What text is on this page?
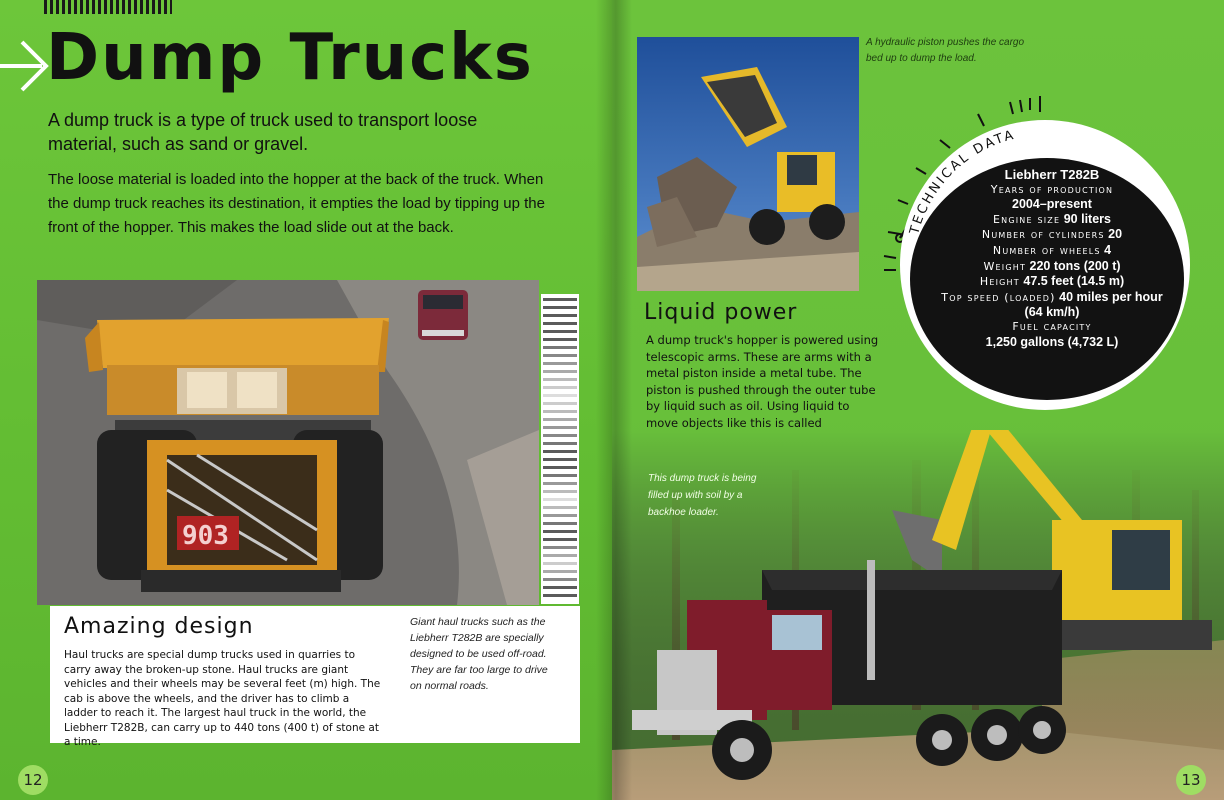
Dump Trucks

A dump truck is a type of truck used to transport loose material, such as sand or gravel.

The loose material is loaded into the hopper at the back of the truck. When the dump truck reaches its destination, it empties the load by tipping up the front of the hopper. This makes the load slide out at the back.

903
Amazing design

Haul trucks are special dump trucks used in quarries to carry away the broken-up stone. Haul trucks are giant vehicles and their wheels may be several feet (m) high. The cab is above the wheels, and the driver has to climb a ladder to reach it. The largest haul truck in the world, the Liebherr T282B, can carry up to 440 tons (400 t) of stone at a time.

Giant haul trucks such as the Liebherr T282B are specially designed to be used off-road. They are far too large to drive on normal roads.

12

A hydraulic piston pushes the cargo bed up to dump the load.

Liquid power

A dump truck's hopper is powered using telescopic arms. These are arms with a metal piston inside a metal tube. The piston is pushed through the outer tube by liquid such as oil. Using liquid to move objects like this is called

This dump truck is being filled up with soil by a backhoe loader.

TECHNICAL DATA
Liebherr T282B
Years of production
2004–present
Engine size 90 liters
Number of cylinders 20
Number of wheels 4
Weight 220 tons (200 t)
Height 47.5 feet (14.5 m)
Top speed (loaded) 40 miles per hour
(64 km/h)
Fuel capacity
1,250 gallons (4,732 L)
13
